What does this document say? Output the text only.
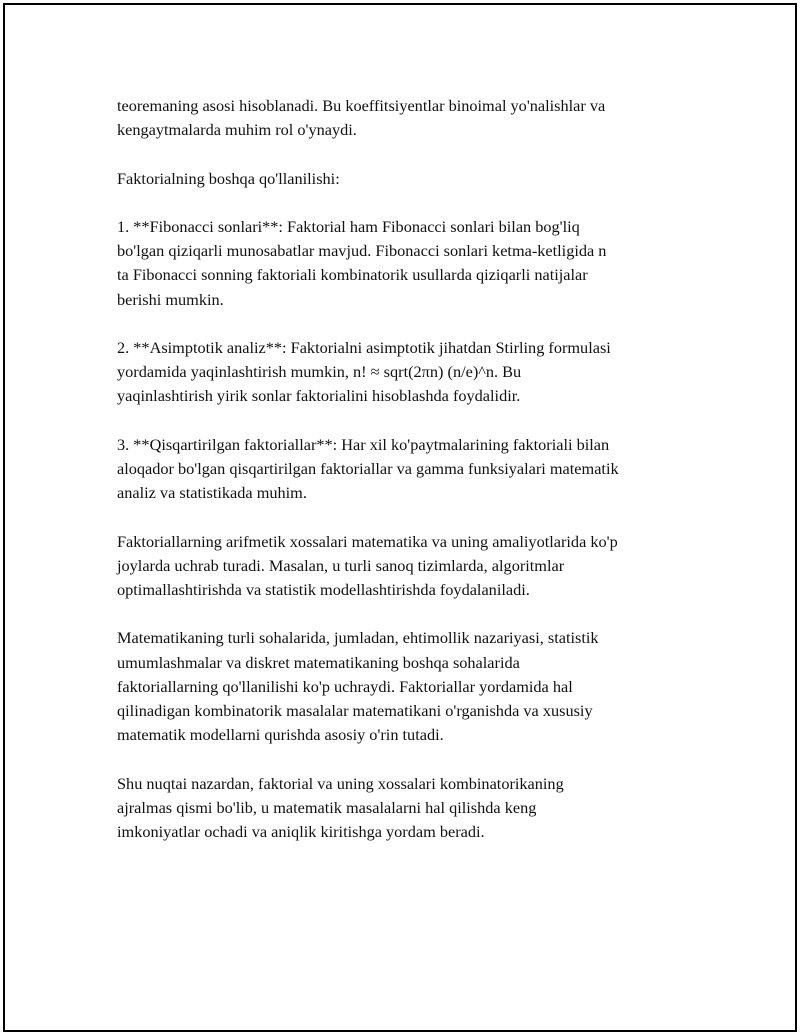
teoremaning asosi hisoblanadi. Bu koeffitsiyentlar binoimal yo'nalishlar va
kengaytmalarda muhim rol o'ynaydi.

Faktorialning boshqa qo'llanilishi:

1. **Fibonacci sonlari**: Faktorial ham Fibonacci sonlari bilan bog'liq
bo'lgan qiziqarli munosabatlar mavjud. Fibonacci sonlari ketma-ketligida n
ta Fibonacci sonning faktoriali kombinatorik usullarda qiziqarli natijalar
berishi mumkin.

2. **Asimptotik analiz**: Faktorialni asimptotik jihatdan Stirling formulasi
yordamida yaqinlashtirish mumkin, n! ≈ sqrt(2πn) (n/e)^n. Bu
yaqinlashtirish yirik sonlar faktorialini hisoblashda foydalidir.

3. **Qisqartirilgan faktoriallar**: Har xil ko'paytmalarining faktoriali bilan
aloqador bo'lgan qisqartirilgan faktoriallar va gamma funksiyalari matematik
analiz va statistikada muhim.

Faktoriallarning arifmetik xossalari matematika va uning amaliyotlarida ko'p
joylarda uchrab turadi. Masalan, u turli sanoq tizimlarda, algoritmlar
optimallashtirishda va statistik modellashtirishda foydalaniladi.

Matematikaning turli sohalarida, jumladan, ehtimollik nazariyasi, statistik
umumlashmalar va diskret matematikaning boshqa sohalarida
faktoriallarning qo'llanilishi ko'p uchraydi. Faktoriallar yordamida hal
qilinadigan kombinatorik masalalar matematikani o'rganishda va xususiy
matematik modellarni qurishda asosiy o'rin tutadi.

Shu nuqtai nazardan, faktorial va uning xossalari kombinatorikaning
ajralmas qismi bo'lib, u matematik masalalarni hal qilishda keng
imkoniyatlar ochadi va aniqlik kiritishga yordam beradi.
